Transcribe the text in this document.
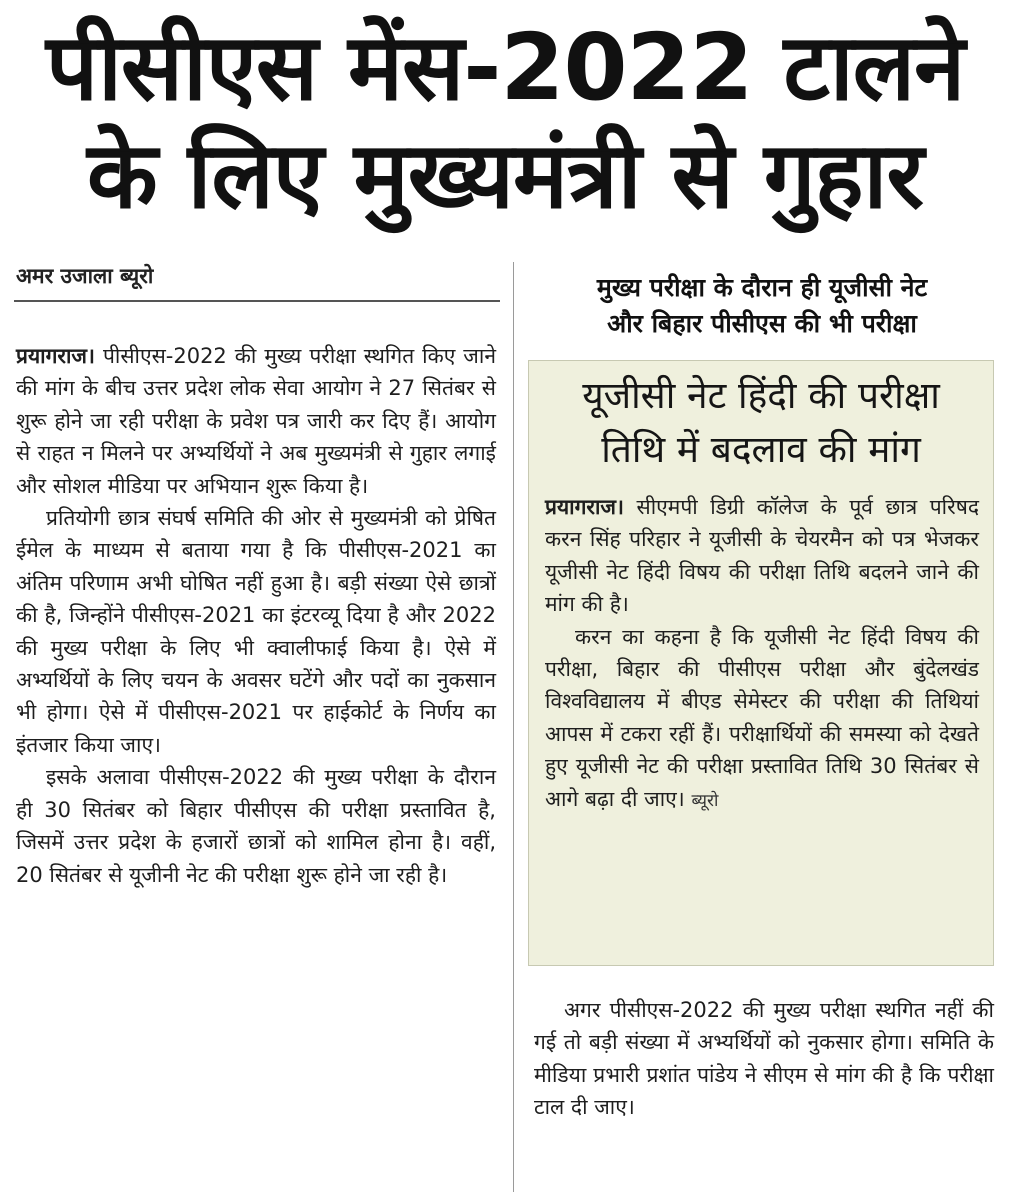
पीसीएस मेंस-2022 टालने
के लिए मुख्यमंत्री से गुहार
अमर उजाला ब्यूरो

प्रयागराज। पीसीएस-2022 की मुख्य परीक्षा स्थगित किए जाने की मांग के बीच उत्तर प्रदेश लोक सेवा आयोग ने 27 सितंबर से शुरू होने जा रही परीक्षा के प्रवेश पत्र जारी कर दिए हैं। आयोग से राहत न मिलने पर अभ्यर्थियों ने अब मुख्यमंत्री से गुहार लगाई और सोशल मीडिया पर अभियान शुरू किया है।

प्रतियोगी छात्र संघर्ष समिति की ओर से मुख्यमंत्री को प्रेषित ईमेल के माध्यम से बताया गया है कि पीसीएस-2021 का अंतिम परिणाम अभी घोषित नहीं हुआ है। बड़ी संख्या ऐसे छात्रों की है, जिन्होंने पीसीएस-2021 का इंटरव्यू दिया है और 2022 की मुख्य परीक्षा के लिए भी क्वालीफाई किया है। ऐसे में अभ्यर्थियों के लिए चयन के अवसर घटेंगे और पदों का नुकसान भी होगा। ऐसे में पीसीएस-2021 पर हाईकोर्ट के निर्णय का इंतजार किया जाए।

इसके अलावा पीसीएस-2022 की मुख्य परीक्षा के दौरान ही 30 सितंबर को बिहार पीसीएस की परीक्षा प्रस्तावित है, जिसमें उत्तर प्रदेश के हजारों छात्रों को शामिल होना है। वहीं, 20 सितंबर से यूजीनी नेट की परीक्षा शुरू होने जा रही है।

मुख्य परीक्षा के दौरान ही यूजीसी नेट
और बिहार पीसीएस की भी परीक्षा
यूजीसी नेट हिंदी की परीक्षा
तिथि में बदलाव की मांग

प्रयागराज। सीएमपी डिग्री कॉलेज के पूर्व छात्र परिषद करन सिंह परिहार ने यूजीसी के चेयरमैन को पत्र भेजकर यूजीसी नेट हिंदी विषय की परीक्षा तिथि बदलने जाने की मांग की है।

करन का कहना है कि यूजीसी नेट हिंदी विषय की परीक्षा, बिहार की पीसीएस परीक्षा और बुंदेलखंड विश्वविद्यालय में बीएड सेमेस्टर की परीक्षा की तिथियां आपस में टकरा रहीं हैं। परीक्षार्थियों की समस्या को देखते हुए यूजीसी नेट की परीक्षा प्रस्तावित तिथि 30 सितंबर से आगे बढ़ा दी जाए। ब्यूरो

अगर पीसीएस-2022 की मुख्य परीक्षा स्थगित नहीं की गई तो बड़ी संख्या में अभ्यर्थियों को नुकसार होगा। समिति के मीडिया प्रभारी प्रशांत पांडेय ने सीएम से मांग की है कि परीक्षा टाल दी जाए।
